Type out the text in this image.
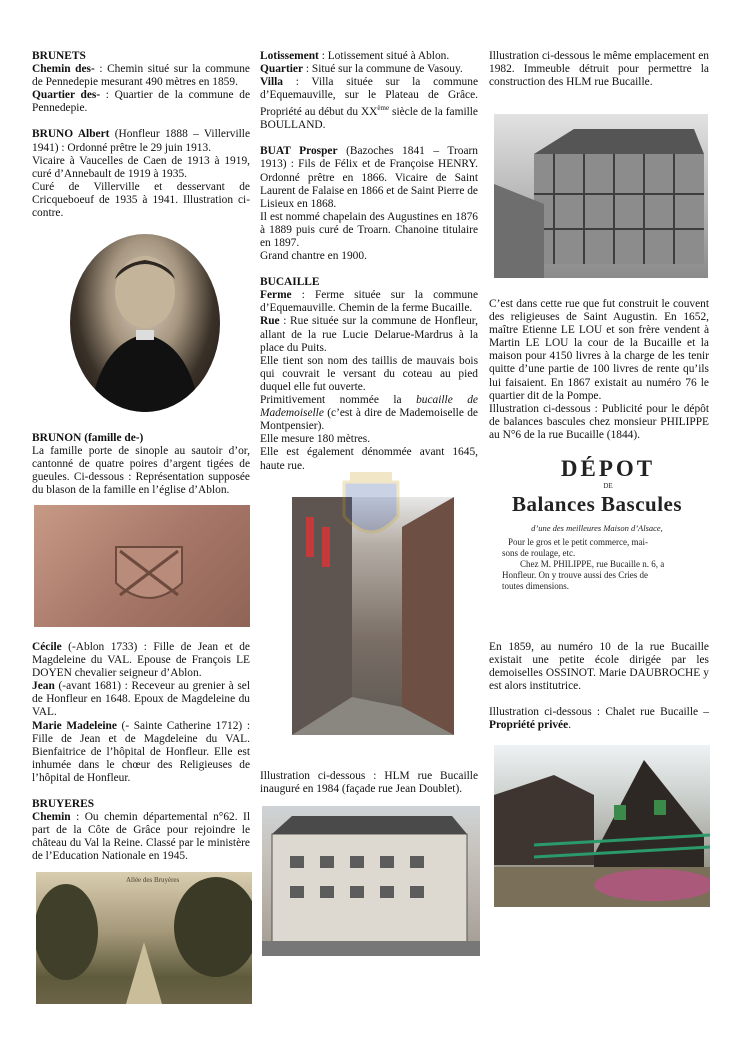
BRUNETS

Chemin des- : Chemin situé sur la commune de Pennedepie mesurant 490 mètres en 1859.

Quartier des- : Quartier de la commune de Pennedepie.

BRUNO Albert (Honfleur 1888 – Villerville 1941) : Ordonné prêtre le 29 juin 1913.

Vicaire à Vaucelles de Caen de 1913 à 1919, curé d’Annebault de 1919 à 1935.

Curé de Villerville et desservant de Cricqueboeuf de 1935 à 1941. Illustration ci-contre.

BRUNON (famille de-)

La famille porte de sinople au sautoir d’or, cantonné de quatre poires d’argent tigées de gueules. Ci-dessous : Représentation supposée du blason de la famille en l’église d’Ablon.

Cécile (-Ablon 1733) : Fille de Jean et de Magdeleine du VAL. Epouse de François LE DOYEN chevalier seigneur d’Ablon.

Jean (-avant 1681) : Receveur au grenier à sel de Honfleur en 1648. Epoux de Magdeleine du VAL.

Marie Madeleine (- Sainte Catherine 1712) : Fille de Jean et de Magdeleine du VAL. Bienfaitrice de l’hôpital de Honfleur. Elle est inhumée dans le chœur des Religieuses de l’hôpital de Honfleur.

BRUYERES

Chemin : Ou chemin départemental n°62. Il part de la Côte de Grâce pour rejoindre le château du Val la Reine. Classé par le ministère de l’Education Nationale en 1945.

Allée des Bruyères

Lotissement : Lotissement situé à Ablon.

Quartier : Situé sur la commune de Vasouy.

Villa : Villa située sur la commune d’Equemauville, sur le Plateau de Grâce. Propriété au début du XXème siècle de la famille BOULLAND.

BUAT Prosper (Bazoches 1841 – Troarn 1913) : Fils de Félix et de Françoise HENRY. Ordonné prêtre en 1866. Vicaire de Saint Laurent de Falaise en 1866 et de Saint Pierre de Lisieux en 1868.

Il est nommé chapelain des Augustines en 1876 à 1889 puis curé de Troarn. Chanoine titulaire en 1897.

Grand chantre en 1900.

BUCAILLE

Ferme : Ferme située sur la commune d’Equemauville. Chemin de la ferme Bucaille.

Rue : Rue située sur la commune de Honfleur, allant de la rue Lucie Delarue-Mardrus à la place du Puits.

Elle tient son nom des taillis de mauvais bois qui couvrait le versant du coteau au pied duquel elle fut ouverte.

Primitivement nommée la bucaille de Mademoiselle (c’est à dire de Mademoiselle de Montpensier).

Elle mesure 180 mètres.

Elle est également dénommée avant 1645, haute rue.

Illustration ci-dessous : HLM rue Bucaille inauguré en 1984 (façade rue Jean Doublet).
Illustration ci-dessous le même emplacement en 1982. Immeuble détruit pour permettre la construction des HLM rue Bucaille.

C’est dans cette rue que fut construit le couvent des religieuses de Saint Augustin. En 1652, maître Etienne LE LOU et son frère vendent à Martin LE LOU la cour de la Bucaille et la maison pour 4150 livres à la charge de les tenir quitte d’une partie de 100 livres de rente qu’ils lui faisaient. En 1867 existait au numéro 76 le quartier dit de la Pompe.

Illustration ci-dessous : Publicité pour le dépôt de balances bascules chez monsieur PHILIPPE au N°6 de la rue Bucaille (1844).

DÉPOT
DE
Balances Bascules
d’une des meilleures Maison d’Alsace,
Pour le gros et le petit commerce, mai-
sons de roulage, etc.
Chez M. PHILIPPE, rue Bucaille n. 6, a
Honfleur. On y trouve aussi des Cries de
toutes dimensions.

En 1859, au numéro 10 de la rue Bucaille existait une petite école dirigée par les demoiselles OSSINOT. Marie DAUBROCHE y est alors institutrice.

Illustration ci-dessous : Chalet rue Bucaille – Propriété privée.
